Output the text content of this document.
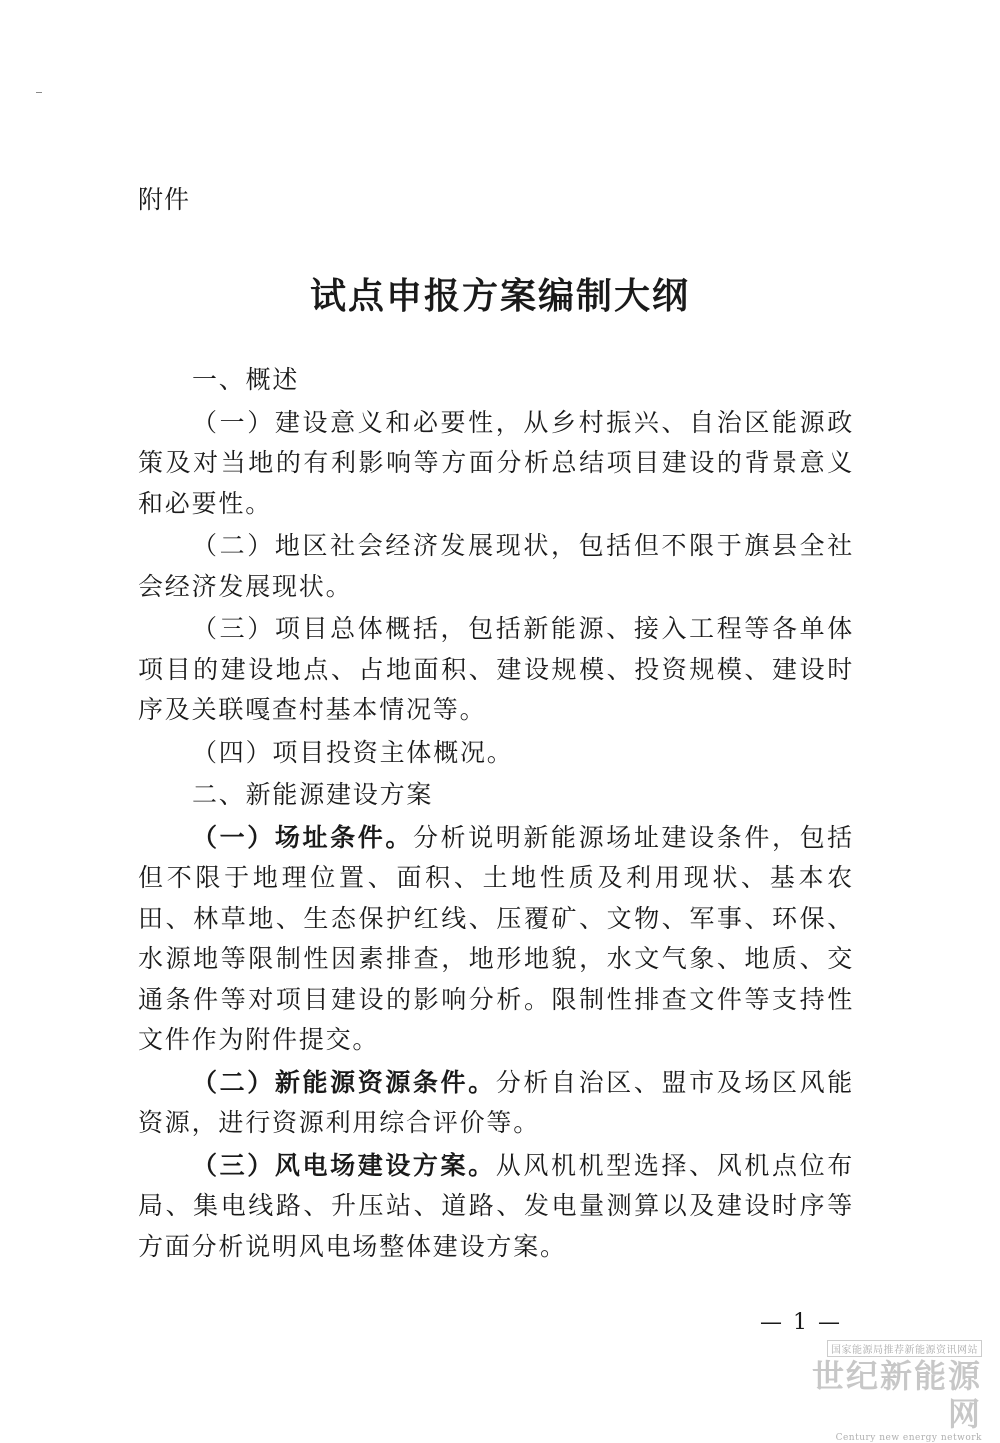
附件
试点申报方案编制大纲

一、概述

（一）建设意义和必要性，从乡村振兴、自治区能源政策及对当地的有利影响等方面分析总结项目建设的背景意义和必要性。

（二）地区社会经济发展现状，包括但不限于旗县全社会经济发展现状。

（三）项目总体概括，包括新能源、接入工程等各单体项目的建设地点、占地面积、建设规模、投资规模、建设时序及关联嘎查村基本情况等。

（四）项目投资主体概况。

二、新能源建设方案

（一）场址条件。分析说明新能源场址建设条件，包括但不限于地理位置、面积、土地性质及利用现状、基本农田、林草地、生态保护红线、压覆矿、文物、军事、环保、水源地等限制性因素排查，地形地貌，水文气象、地质、交通条件等对项目建设的影响分析。限制性排查文件等支持性文件作为附件提交。

（二）新能源资源条件。分析自治区、盟市及场区风能资源，进行资源利用综合评价等。

（三）风电场建设方案。从风机机型选择、风机点位布局、集电线路、升压站、道路、发电量测算以及建设时序等方面分析说明风电场整体建设方案。

— 1 —
国家能源局推荐新能源资讯网站
世纪新能源网
Century new energy network
